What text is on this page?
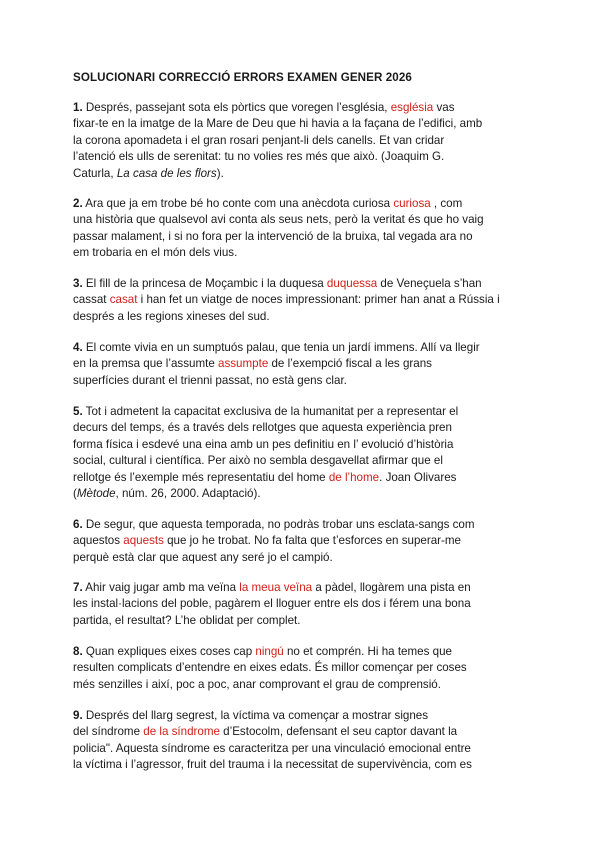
SOLUCIONARI CORRECCIÓ ERRORS EXAMEN GENER 2026
1. Després, passejant sota els pòrtics que voregen l’església, església vas
fixar-te en la imatge de la Mare de Deu que hi havia a la façana de l’edifici, amb
la corona apomadeta i el gran rosari penjant-li dels canells. Et van cridar
l’atenció els ulls de serenitat: tu no volies res més que això. (Joaquim G.
Caturla, La casa de les flors).
2. Ara que ja em trobe bé ho conte com una anècdota curiosa curiosa , com
una història que qualsevol avi conta als seus nets, però la veritat és que ho vaig
passar malament, i si no fora per la intervenció de la bruixa, tal vegada ara no
em trobaria en el món dels vius.
3. El fill de la princesa de Moçambic i la duquesa duquessa de Veneçuela s’han
cassat casat i han fet un viatge de noces impressionant: primer han anat a Rússia i
després a les regions xineses del sud.
4. El comte vivia en un sumptuós palau, que tenia un jardí immens. Allí va llegir
en la premsa que l’assumte assumpte de l’exempció fiscal a les grans
superfícies durant el trienni passat, no està gens clar.
5. Tot i admetent la capacitat exclusiva de la humanitat per a representar el
decurs del temps, és a través dels rellotges que aquesta experiència pren
forma física i esdevé una eina amb un pes definitiu en l’ evolució d’història
social, cultural i científica. Per això no sembla desgavellat afirmar que el
rellotge és l’exemple més representatiu del home de l’home. Joan Olivares
(Mètode, núm. 26, 2000. Adaptació).
6. De segur, que aquesta temporada, no podràs trobar uns esclata-sangs com
aquestos aquests que jo he trobat. No fa falta que t’esforces en superar-me
perquè està clar que aquest any seré jo el campió.
7. Ahir vaig jugar amb ma veïna la meua veïna a pàdel, llogàrem una pista en
les instal·lacions del poble, pagàrem el lloguer entre els dos i férem una bona
partida, el resultat? L’he oblidat per complet.
8. Quan expliques eixes coses cap ningú no et comprén. Hi ha temes que
resulten complicats d’entendre en eixes edats. És millor començar per coses
més senzilles i així, poc a poc, anar comprovant el grau de comprensió.
9. Després del llarg segrest, la víctima va començar a mostrar signes
del síndrome de la síndrome d’Estocolm, defensant el seu captor davant la
policia". Aquesta síndrome es caracteritza per una vinculació emocional entre
la víctima i l’agressor, fruit del trauma i la necessitat de supervivència, com es
